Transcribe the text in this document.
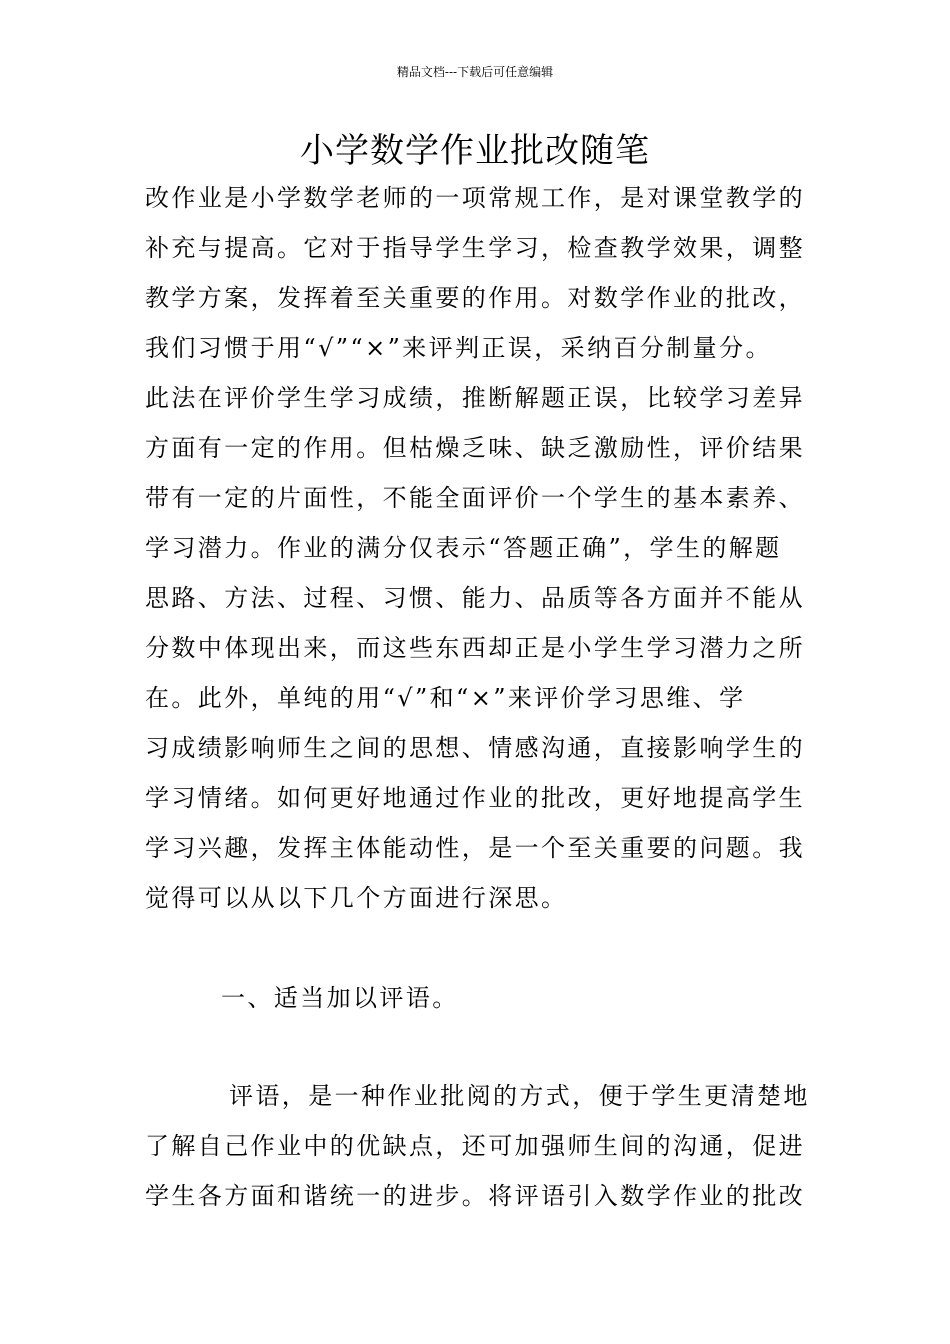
精品文档---下载后可任意编辑
小学数学作业批改随笔
改作业是小学数学老师的一项常规工作，是对课堂教学的
补充与提高。它对于指导学生学习，检查教学效果，调整
教学方案，发挥着至关重要的作用。对数学作业的批改，
我们习惯于用“√”“×”来评判正误，采纳百分制量分。
此法在评价学生学习成绩，推断解题正误，比较学习差异
方面有一定的作用。但枯燥乏味、缺乏激励性，评价结果
带有一定的片面性，不能全面评价一个学生的基本素养、
学习潜力。作业的满分仅表示“答题正确”，学生的解题
思路、方法、过程、习惯、能力、品质等各方面并不能从
分数中体现出来，而这些东西却正是小学生学习潜力之所
在。此外，单纯的用“√”和“×”来评价学习思维、学
习成绩影响师生之间的思想、情感沟通，直接影响学生的
学习情绪。如何更好地通过作业的批改，更好地提高学生
学习兴趣，发挥主体能动性，是一个至关重要的问题。我
觉得可以从以下几个方面进行深思。
一、适当加以评语。
评语，是一种作业批阅的方式，便于学生更清楚地
了解自己作业中的优缺点，还可加强师生间的沟通，促进
学生各方面和谐统一的进步。将评语引入数学作业的批改
